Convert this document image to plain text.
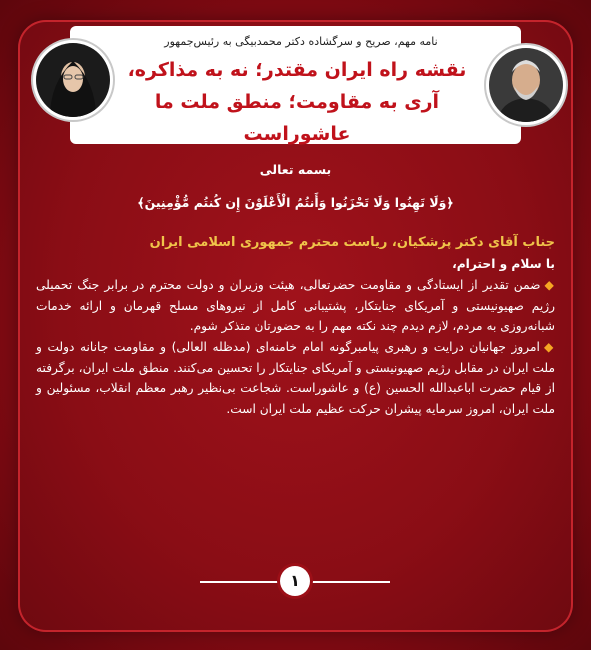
نامه مهم، صریح و سرگشاده دکتر محمدبیگی به رئیس‌جمهور
نقشه راه ایران مقتدر؛ نه به مذاکره،
آری به مقاومت؛ منطق ملت ما عاشوراست
بسمه تعالی
﴿وَلَا تَهِنُوا وَلَا تَحْزَنُوا وَأَنتُمُ الْأَعْلَوْنَ إِن كُنتُم مُّؤْمِنِينَ﴾
جناب آقای دکتر پزشکیان، ریاست محترم جمهوری اسلامی ایران
با سلام و احترام،
◆ضمن تقدیر از ایستادگی و مقاومت حضرتعالی، هیئت وزیران و دولت محترم در برابر جنگ تحمیلی رژیم صهیونیستی و آمریکای جنایتکار، پشتیبانی کامل از نیروهای مسلح قهرمان و ارائه خدمات شبانه‌روزی به مردم، لازم دیدم چند نکته مهم را به حضورتان متذکر شوم.
◆امروز جهانیان درایت و رهبری پیامبرگونه امام خامنه‌ای (مدظله العالی) و مقاومت جانانه دولت و ملت ایران در مقابل رژیم صهیونیستی و آمریکای جنایتکار را تحسین می‌کنند. منطق ملت ایران، برگرفته از قیام حضرت اباعبدالله الحسین (ع) و عاشوراست. شجاعت بی‌نظیر رهبر معظم انقلاب، مسئولین و ملت ایران، امروز سرمایه پیشران حرکت عظیم ملت ایران است.
۱
